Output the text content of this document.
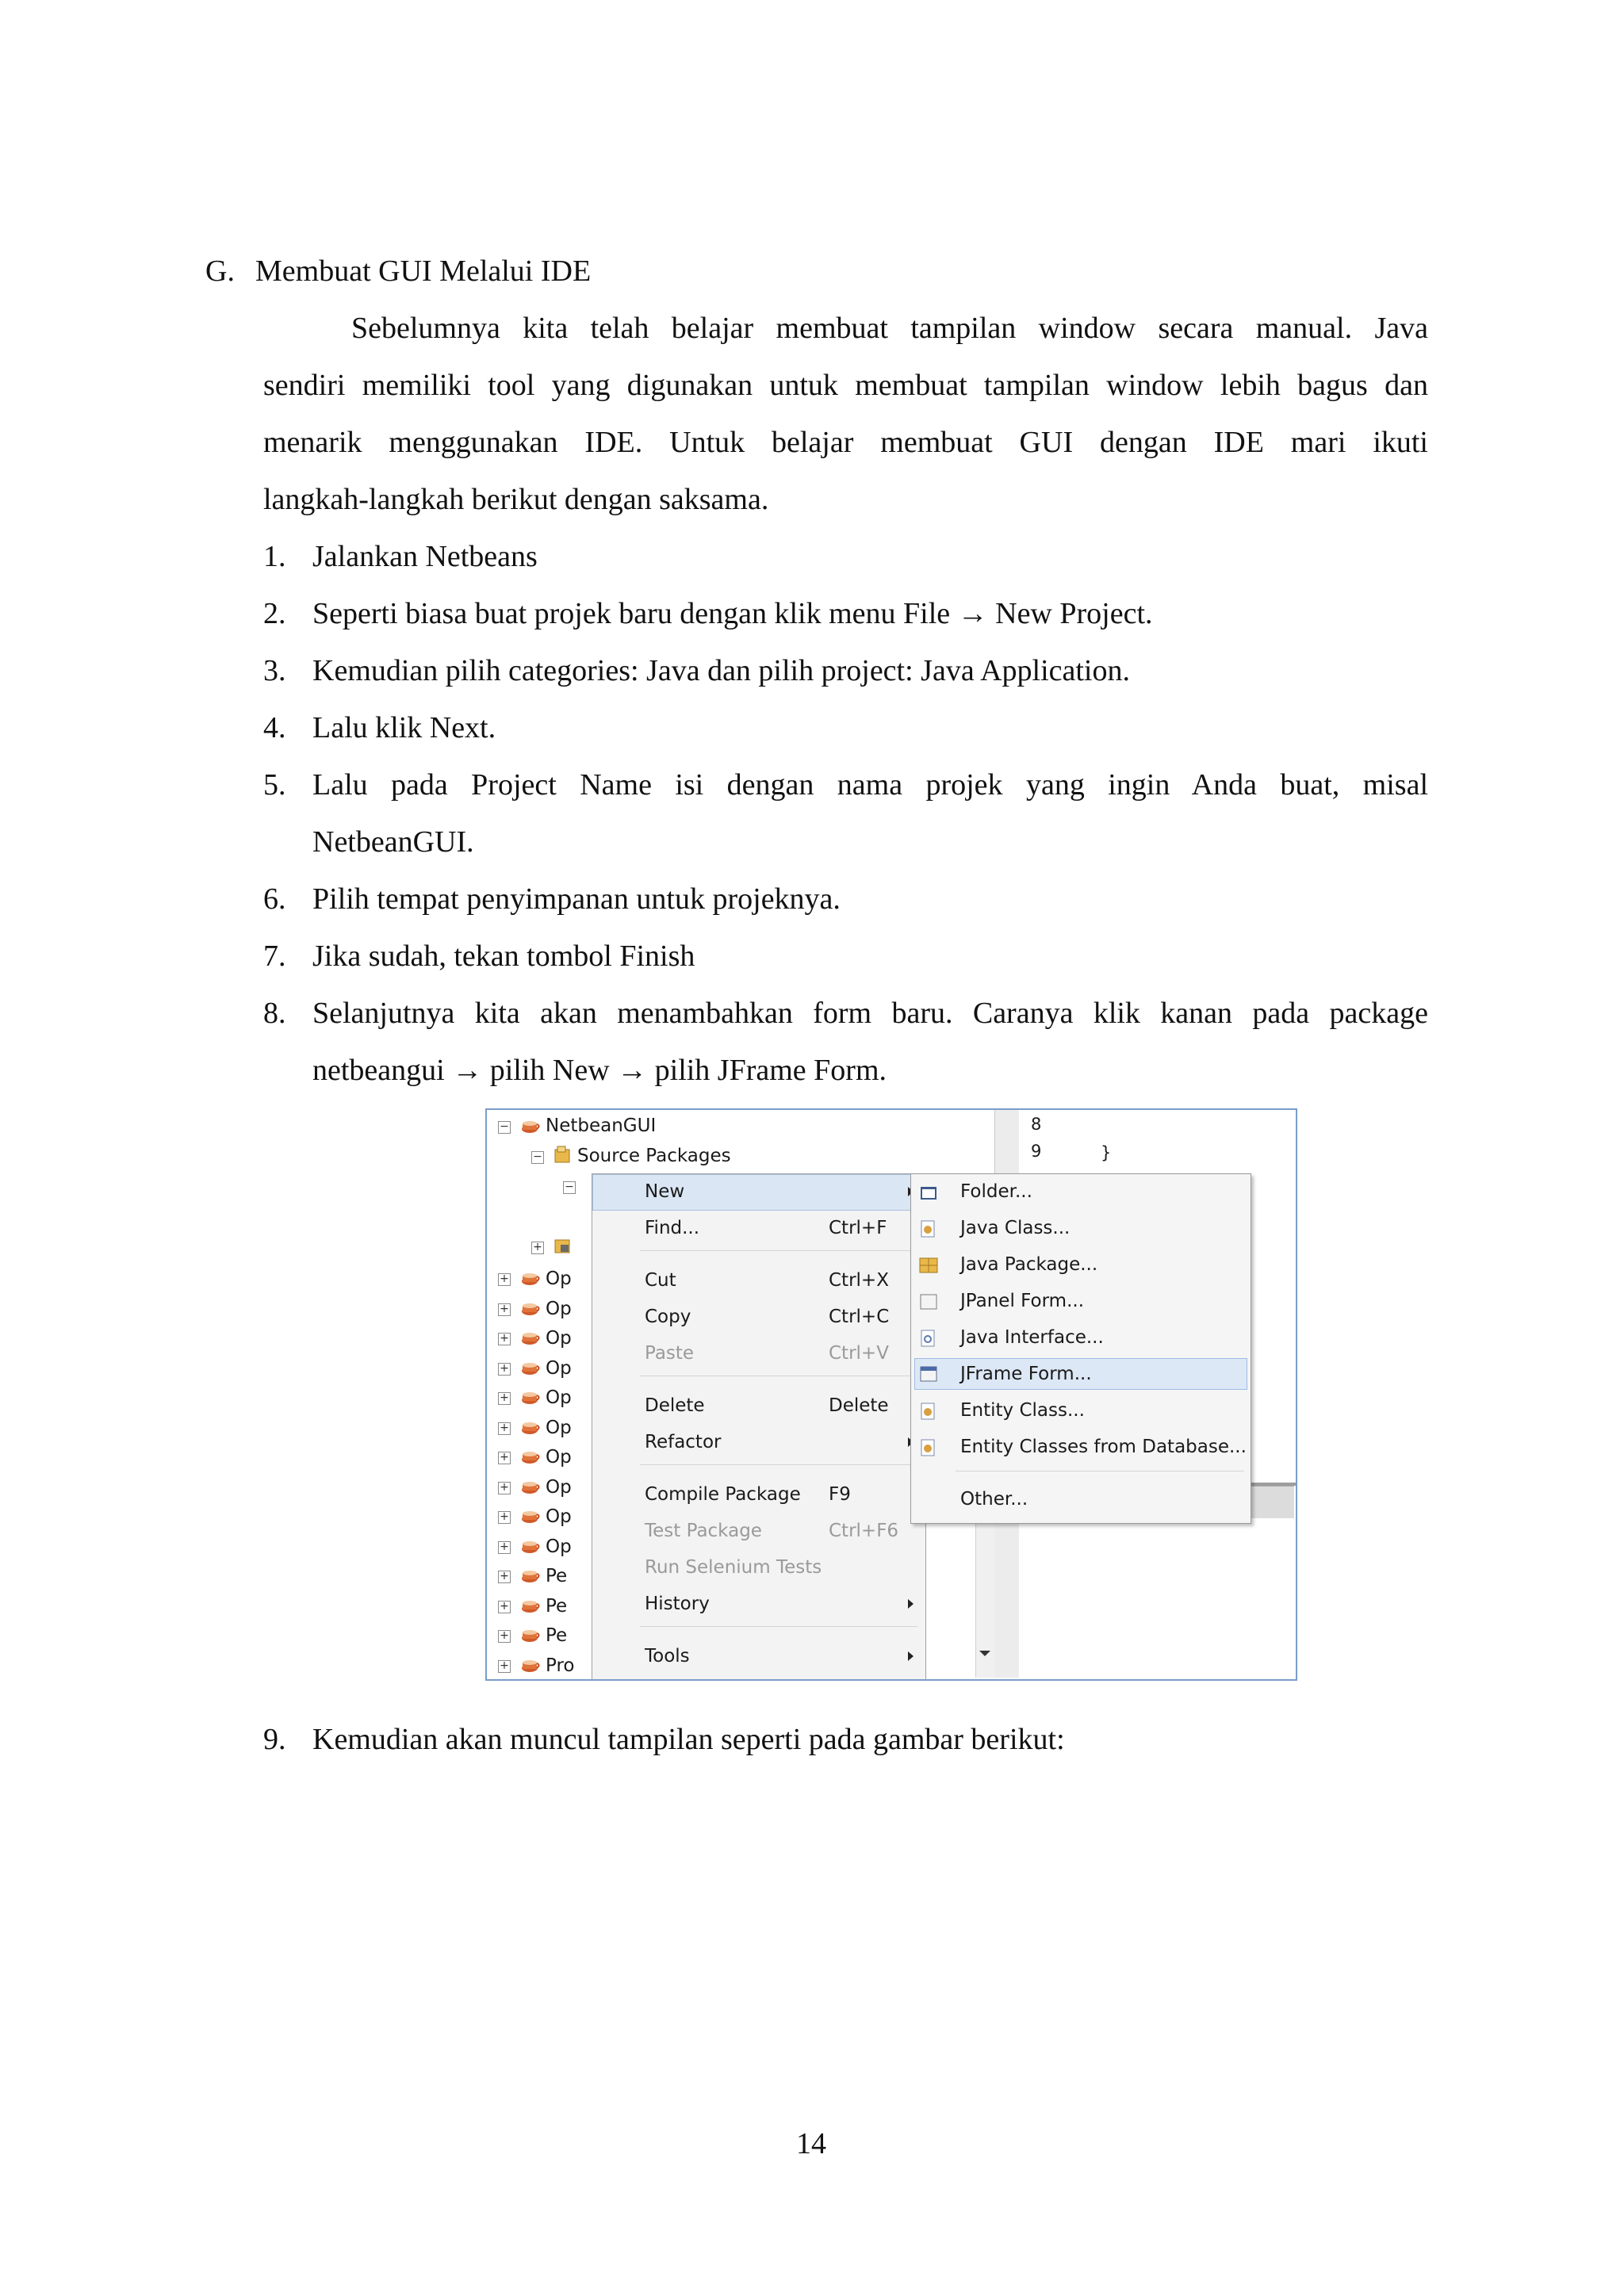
G. Membuat GUI Melalui IDE
Sebelumnya kita telah belajar membuat tampilan window secara manual. Java
sendiri memiliki tool yang digunakan untuk membuat tampilan window lebih bagus dan
menarik menggunakan IDE. Untuk belajar membuat GUI dengan IDE mari ikuti
langkah-langkah berikut dengan saksama.
1. Jalankan Netbeans
2. Seperti biasa buat projek baru dengan klik menu File → New Project.
3. Kemudian pilih categories: Java dan pilih project: Java Application.
4. Lalu klik Next.
5. Lalu pada Project Name isi dengan nama projek yang ingin Anda buat, misal
NetbeanGUI.
6. Pilih tempat penyimpanan untuk projeknya.
7. Jika sudah, tekan tombol Finish
8. Selanjutnya kita akan menambahkan form baru. Caranya klik kanan pada package
netbeangui → pilih New → pilih JFrame Form.
8
9	}
− NetbeanGUI
− Source Packages
−
+
+ Op
+ Op
+ Op
+ Op
+ Op
+ Op
+ Op
+ Op
+ Op
+ Op
+ Pe
+ Pe
+ Pe
+ Pro
New
Find...	Ctrl+F
Cut	Ctrl+X
Copy	Ctrl+C
Paste	Ctrl+V
Delete	Delete
Refactor
Compile Package F9
Test Package	Ctrl+F6
Run Selenium Tests
History
Tools
Folder...
Java Class...
Java Package...
JPanel Form...
Java Interface...
JFrame Form...
Entity Class...
Entity Classes from Database...
Other...
9. Kemudian akan muncul tampilan seperti pada gambar berikut:
14
